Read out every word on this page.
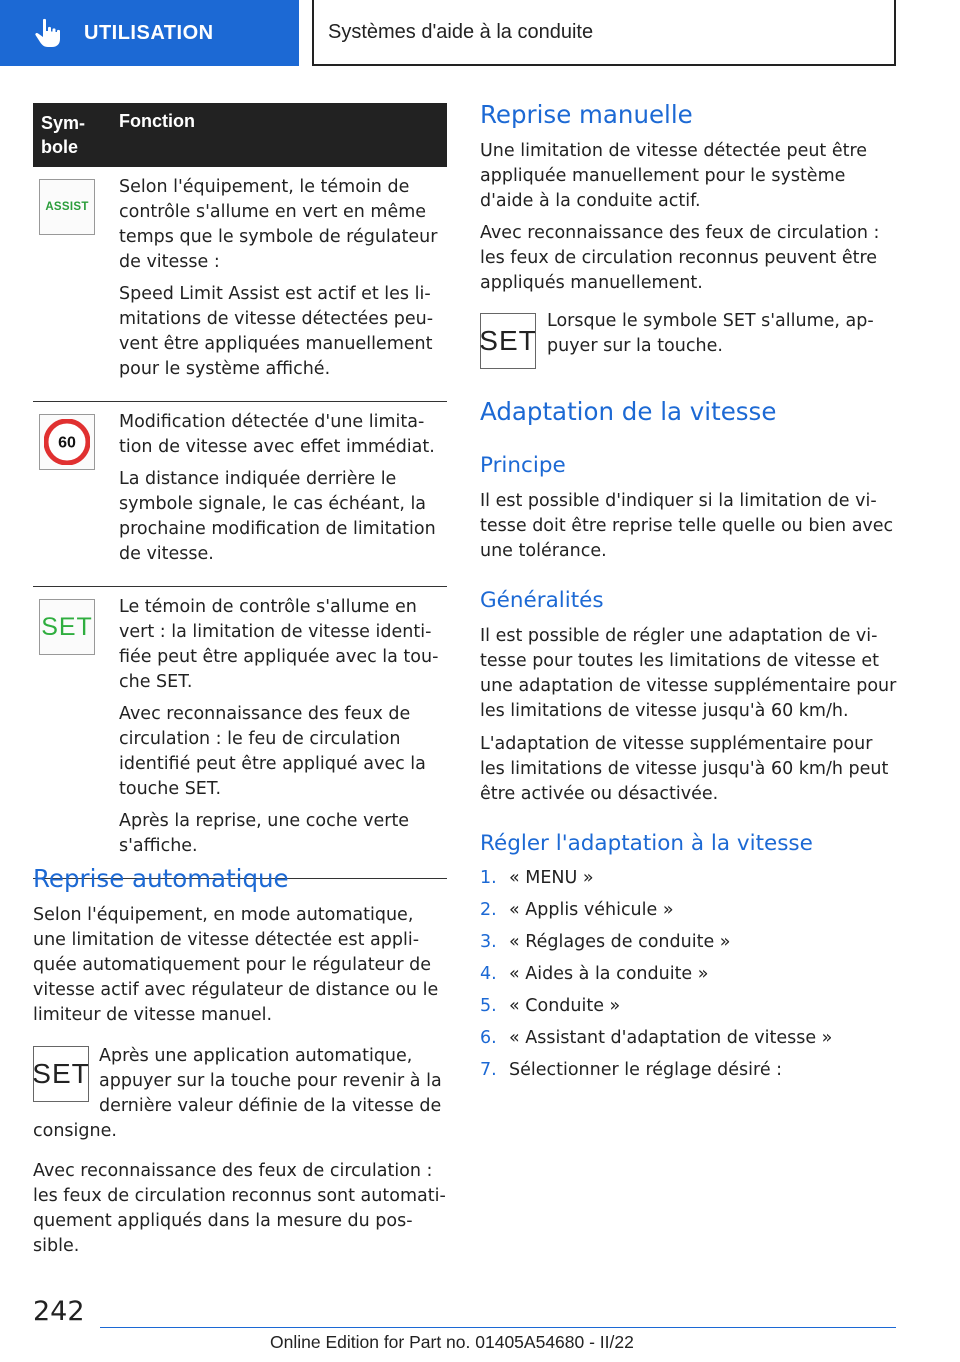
UTILISATION	Systèmes d'aide à la conduite
Sym-
bole
Fonction
ASSIST

Selon l'équipement, le témoin de contrôle s'allume en vert en même temps que le symbole de régulateur de vitesse :

Speed Limit Assist est actif et les limitations de vitesse détectées peuvent être appliquées manuellement pour le système affiché.

60

Modification détectée d'une limitation de vitesse avec effet immédiat.

La distance indiquée derrière le symbole signale, le cas échéant, la prochaine modification de limitation de vitesse.

SET

Le témoin de contrôle s'allume en vert : la limitation de vitesse identifiée peut être appliquée avec la touche SET.

Avec reconnaissance des feux de circulation : le feu de circulation identifié peut être appliqué avec la touche SET.

Après la reprise, une coche verte s'affiche.

Reprise automatique
Selon l'équipement, en mode automatique, une limitation de vitesse détectée est appliquée automatiquement pour le régulateur de vitesse actif avec régulateur de distance ou le limiteur de vitesse manuel.
SET
Après une application automatique, appuyer sur la touche pour revenir à la dernière valeur définie de la vitesse de consigne.
Avec reconnaissance des feux de circulation : les feux de circulation reconnus sont automatiquement appliqués dans la mesure du possible.
Reprise manuelle
Une limitation de vitesse détectée peut être appliquée manuellement pour le système d'aide à la conduite actif.
Avec reconnaissance des feux de circulation : les feux de circulation reconnus peuvent être appliqués manuellement.
SET
Lorsque le symbole SET s'allume, appuyer sur la touche.
Adaptation de la vitesse
Principe
Il est possible d'indiquer si la limitation de vitesse doit être reprise telle quelle ou bien avec une tolérance.
Généralités
Il est possible de régler une adaptation de vitesse pour toutes les limitations de vitesse et une adaptation de vitesse supplémentaire pour les limitations de vitesse jusqu'à 60 km/h.
L'adaptation de vitesse supplémentaire pour les limitations de vitesse jusqu'à 60 km/h peut être activée ou désactivée.
Régler l'adaptation à la vitesse
1. « MENU »
2. « Applis véhicule »
3. « Réglages de conduite »
4. « Aides à la conduite »
5. « Conduite »
6. « Assistant d'adaptation de vitesse »
7. Sélectionner le réglage désiré :
242
Online Edition for Part no. 01405A54680 - II/22
